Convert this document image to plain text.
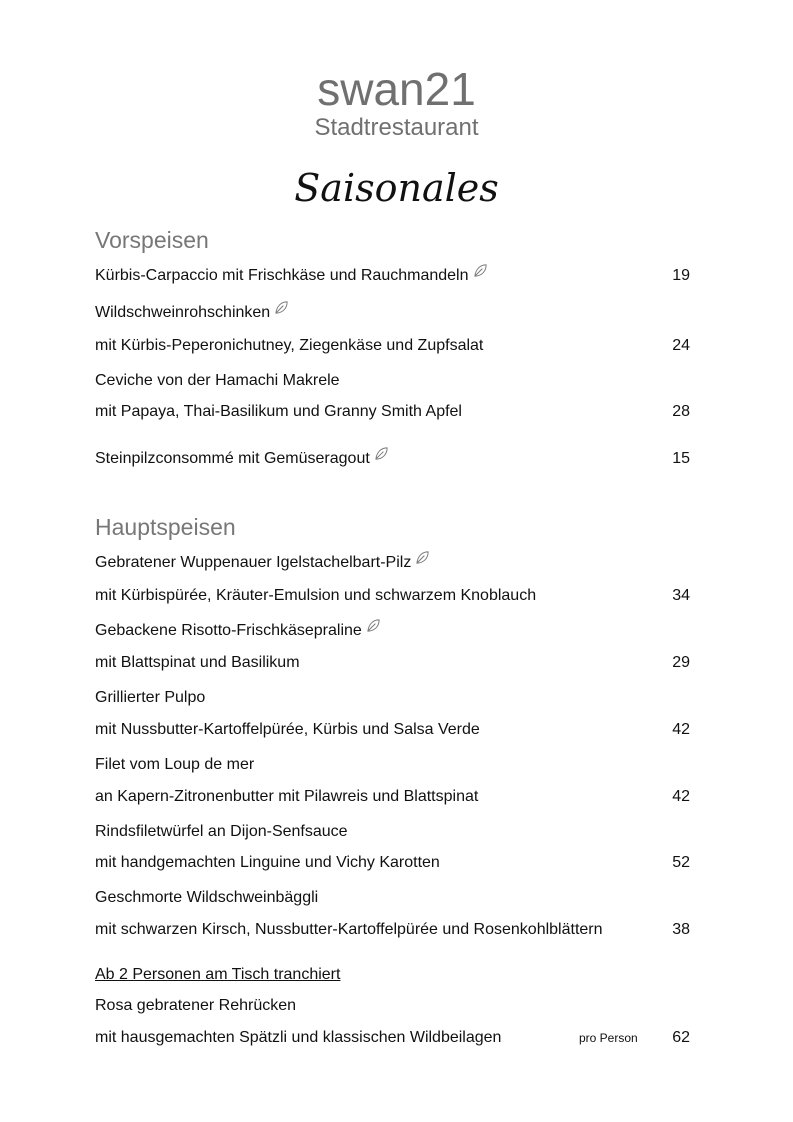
swan21
Stadtrestaurant
Saisonales
Vorspeisen
Kürbis-Carpaccio mit Frischkäse und Rauchmandeln	19
Wildschweinrohschinken
mit Kürbis-Peperonichutney, Ziegenkäse und Zupfsalat	24
Ceviche von der Hamachi Makrele
mit Papaya, Thai-Basilikum und Granny Smith Apfel	28
Steinpilzconsommé mit Gemüseragout	15
Hauptspeisen
Gebratener Wuppenauer Igelstachelbart-Pilz
mit Kürbispürée, Kräuter-Emulsion und schwarzem Knoblauch	34
Gebackene Risotto-Frischkäsepraline
mit Blattspinat und Basilikum	29
Grillierter Pulpo
mit Nussbutter-Kartoffelpürée, Kürbis und Salsa Verde	42
Filet vom Loup de mer
an Kapern-Zitronenbutter mit Pilawreis und Blattspinat	42
Rindsfiletwürfel an Dijon-Senfsauce
mit handgemachten Linguine und Vichy Karotten	52
Geschmorte Wildschweinbäggli
mit schwarzen Kirsch, Nussbutter-Kartoffelpürée und Rosenkohlblättern	38
Ab 2 Personen am Tisch tranchiert
Rosa gebratener Rehrücken
mit hausgemachten Spätzli und klassischen Wildbeilagen	pro Person 62
